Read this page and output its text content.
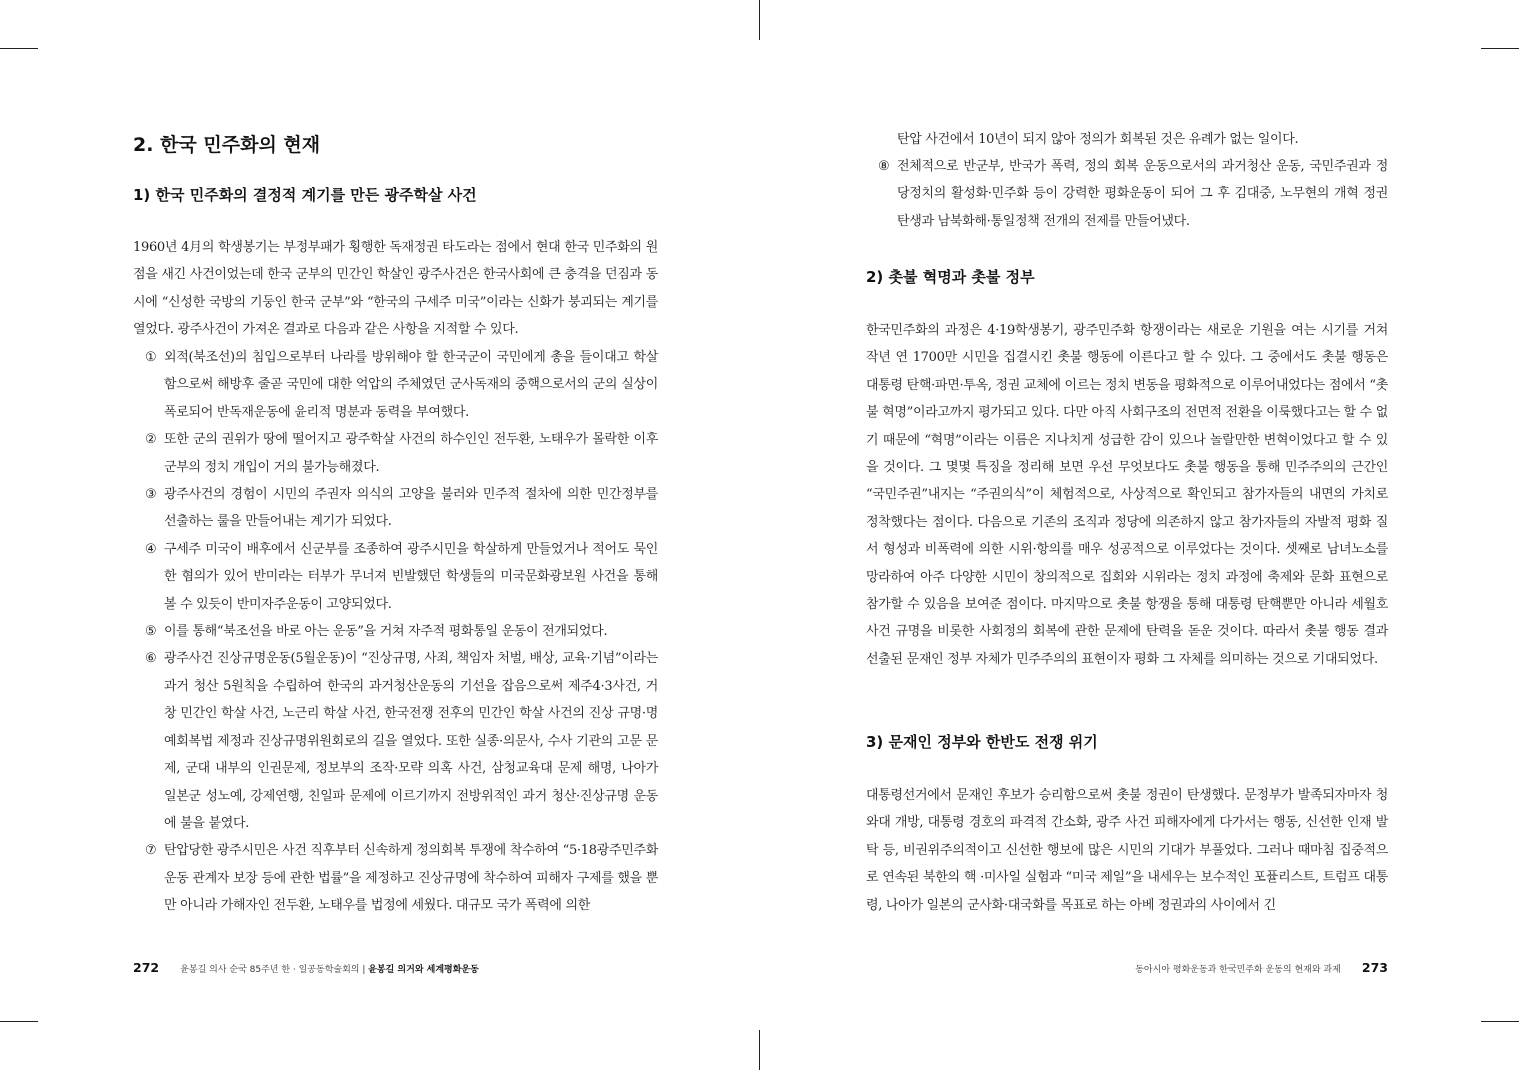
2. 한국 민주화의 현재
1) 한국 민주화의 결정적 계기를 만든 광주학살 사건

1960년 4月의 학생봉기는 부정부패가 횡행한 독재정권 타도라는 점에서 현대 한국 민주화의 원점을 새긴 사건이었는데 한국 군부의 민간인 학살인 광주사건은 한국사회에 큰 충격을 던짐과 동시에 “신성한 국방의 기둥인 한국 군부”와 “한국의 구세주 미국”이라는 신화가 붕괴되는 계기를 열었다. 광주사건이 가져온 결과로 다음과 같은 사항을 지적할 수 있다.

① 외적(북조선)의 침입으로부터 나라를 방위해야 할 한국군이 국민에게 총을 들이대고 학살함으로써 해방후 줄곧 국민에 대한 억압의 주체였던 군사독재의 중핵으로서의 군의 실상이 폭로되어 반독재운동에 윤리적 명분과 동력을 부여했다.
② 또한 군의 권위가 땅에 떨어지고 광주학살 사건의 하수인인 전두환, 노태우가 몰락한 이후 군부의 정치 개입이 거의 불가능해졌다.
③ 광주사건의 경험이 시민의 주권자 의식의 고양을 불러와 민주적 절차에 의한 민간정부를 선출하는 룰을 만들어내는 계기가 되었다.
④ 구세주 미국이 배후에서 신군부를 조종하여 광주시민을 학살하게 만들었거나 적어도 묵인한 혐의가 있어 반미라는 터부가 무너져 빈발했던 학생들의 미국문화광보원 사건을 통해 볼 수 있듯이 반미자주운동이 고양되었다.
⑤ 이를 통해“북조선을 바로 아는 운동”을 거쳐 자주적 평화통일 운동이 전개되었다.
⑥ 광주사건 진상규명운동(5월운동)이 “진상규명, 사죄, 책임자 처벌, 배상, 교육·기념”이라는 과거 청산 5원칙을 수립하여 한국의 과거청산운동의 기선을 잡음으로써 제주4·3사건, 거창 민간인 학살 사건, 노근리 학살 사건, 한국전쟁 전후의 민간인 학살 사건의 진상 규명·명예회복법 제정과 진상규명위원회로의 길을 열었다. 또한 실종·의문사, 수사 기관의 고문 문제, 군대 내부의 인권문제, 정보부의 조작·모략 의혹 사건, 삼청교육대 문제 해명, 나아가 일본군 성노예, 강제연행, 친일파 문제에 이르기까지 전방위적인 과거 청산·진상규명 운동에 불을 붙였다.
⑦ 탄압당한 광주시민은 사건 직후부터 신속하게 정의회복 투쟁에 착수하여 “5·18광주민주화운동 관계자 보장 등에 관한 법률”을 제정하고 진상규명에 착수하여 피해자 구제를 했을 뿐만 아니라 가해자인 전두환, 노태우를 법정에 세웠다. 대규모 국가 폭력에 의한
272 윤봉길 의사 순국 85주년 한 · 일공동학술회의 | 윤봉길 의거와 세계평화운동

탄압 사건에서 10년이 되지 않아 정의가 회복된 것은 유례가 없는 일이다.

⑧ 전체적으로 반군부, 반국가 폭력, 정의 회복 운동으로서의 과거청산 운동, 국민주권과 정당정치의 활성화·민주화 등이 강력한 평화운동이 되어 그 후 김대중, 노무현의 개혁 정권 탄생과 남북화해·통일정책 전개의 전제를 만들어냈다.
2) 촛불 혁명과 촛불 정부

한국민주화의 과정은 4·19학생봉기, 광주민주화 항쟁이라는 새로운 기원을 여는 시기를 거쳐 작년 연 1700만 시민을 집결시킨 촛불 행동에 이른다고 할 수 있다. 그 중에서도 촛불 행동은 대통령 탄핵·파면·투옥, 정권 교체에 이르는 정치 변동을 평화적으로 이루어내었다는 점에서 “촛불 혁명”이라고까지 평가되고 있다. 다만 아직 사회구조의 전면적 전환을 이룩했다고는 할 수 없기 때문에 “혁명”이라는 이름은 지나치게 성급한 감이 있으나 놀랄만한 변혁이었다고 할 수 있을 것이다. 그 몇몇 특징을 정리해 보면 우선 무엇보다도 촛불 행동을 통해 민주주의의 근간인 “국민주권”내지는 “주권의식”이 체험적으로, 사상적으로 확인되고 참가자들의 내면의 가치로 정착했다는 점이다. 다음으로 기존의 조직과 정당에 의존하지 않고 참가자들의 자발적 평화 질서 형성과 비폭력에 의한 시위·항의를 매우 성공적으로 이루었다는 것이다. 셋째로 남녀노소를 망라하여 아주 다양한 시민이 창의적으로 집회와 시위라는 정치 과정에 축제와 문화 표현으로 참가할 수 있음을 보여준 점이다. 마지막으로 촛불 항쟁을 통해 대통령 탄핵뿐만 아니라 세월호 사건 규명을 비롯한 사회정의 회복에 관한 문제에 탄력을 돋운 것이다. 따라서 촛불 행동 결과 선출된 문재인 정부 자체가 민주주의의 표현이자 평화 그 자체를 의미하는 것으로 기대되었다.

3) 문재인 정부와 한반도 전쟁 위기

대통령선거에서 문재인 후보가 승리함으로써 촛불 정권이 탄생했다. 문정부가 발족되자마자 청와대 개방, 대통령 경호의 파격적 간소화, 광주 사건 피해자에게 다가서는 행동, 신선한 인재 발탁 등, 비권위주의적이고 신선한 행보에 많은 시민의 기대가 부풀었다. 그러나 때마침 집중적으로 연속된 북한의 핵 ·미사일 실험과 “미국 제일”을 내세우는 보수적인 포퓰리스트, 트럼프 대통령, 나아가 일본의 군사화·대국화를 목표로 하는 아베 정권과의 사이에서 긴

동아시아 평화운동과 한국민주화 운동의 현재와 과제 273
